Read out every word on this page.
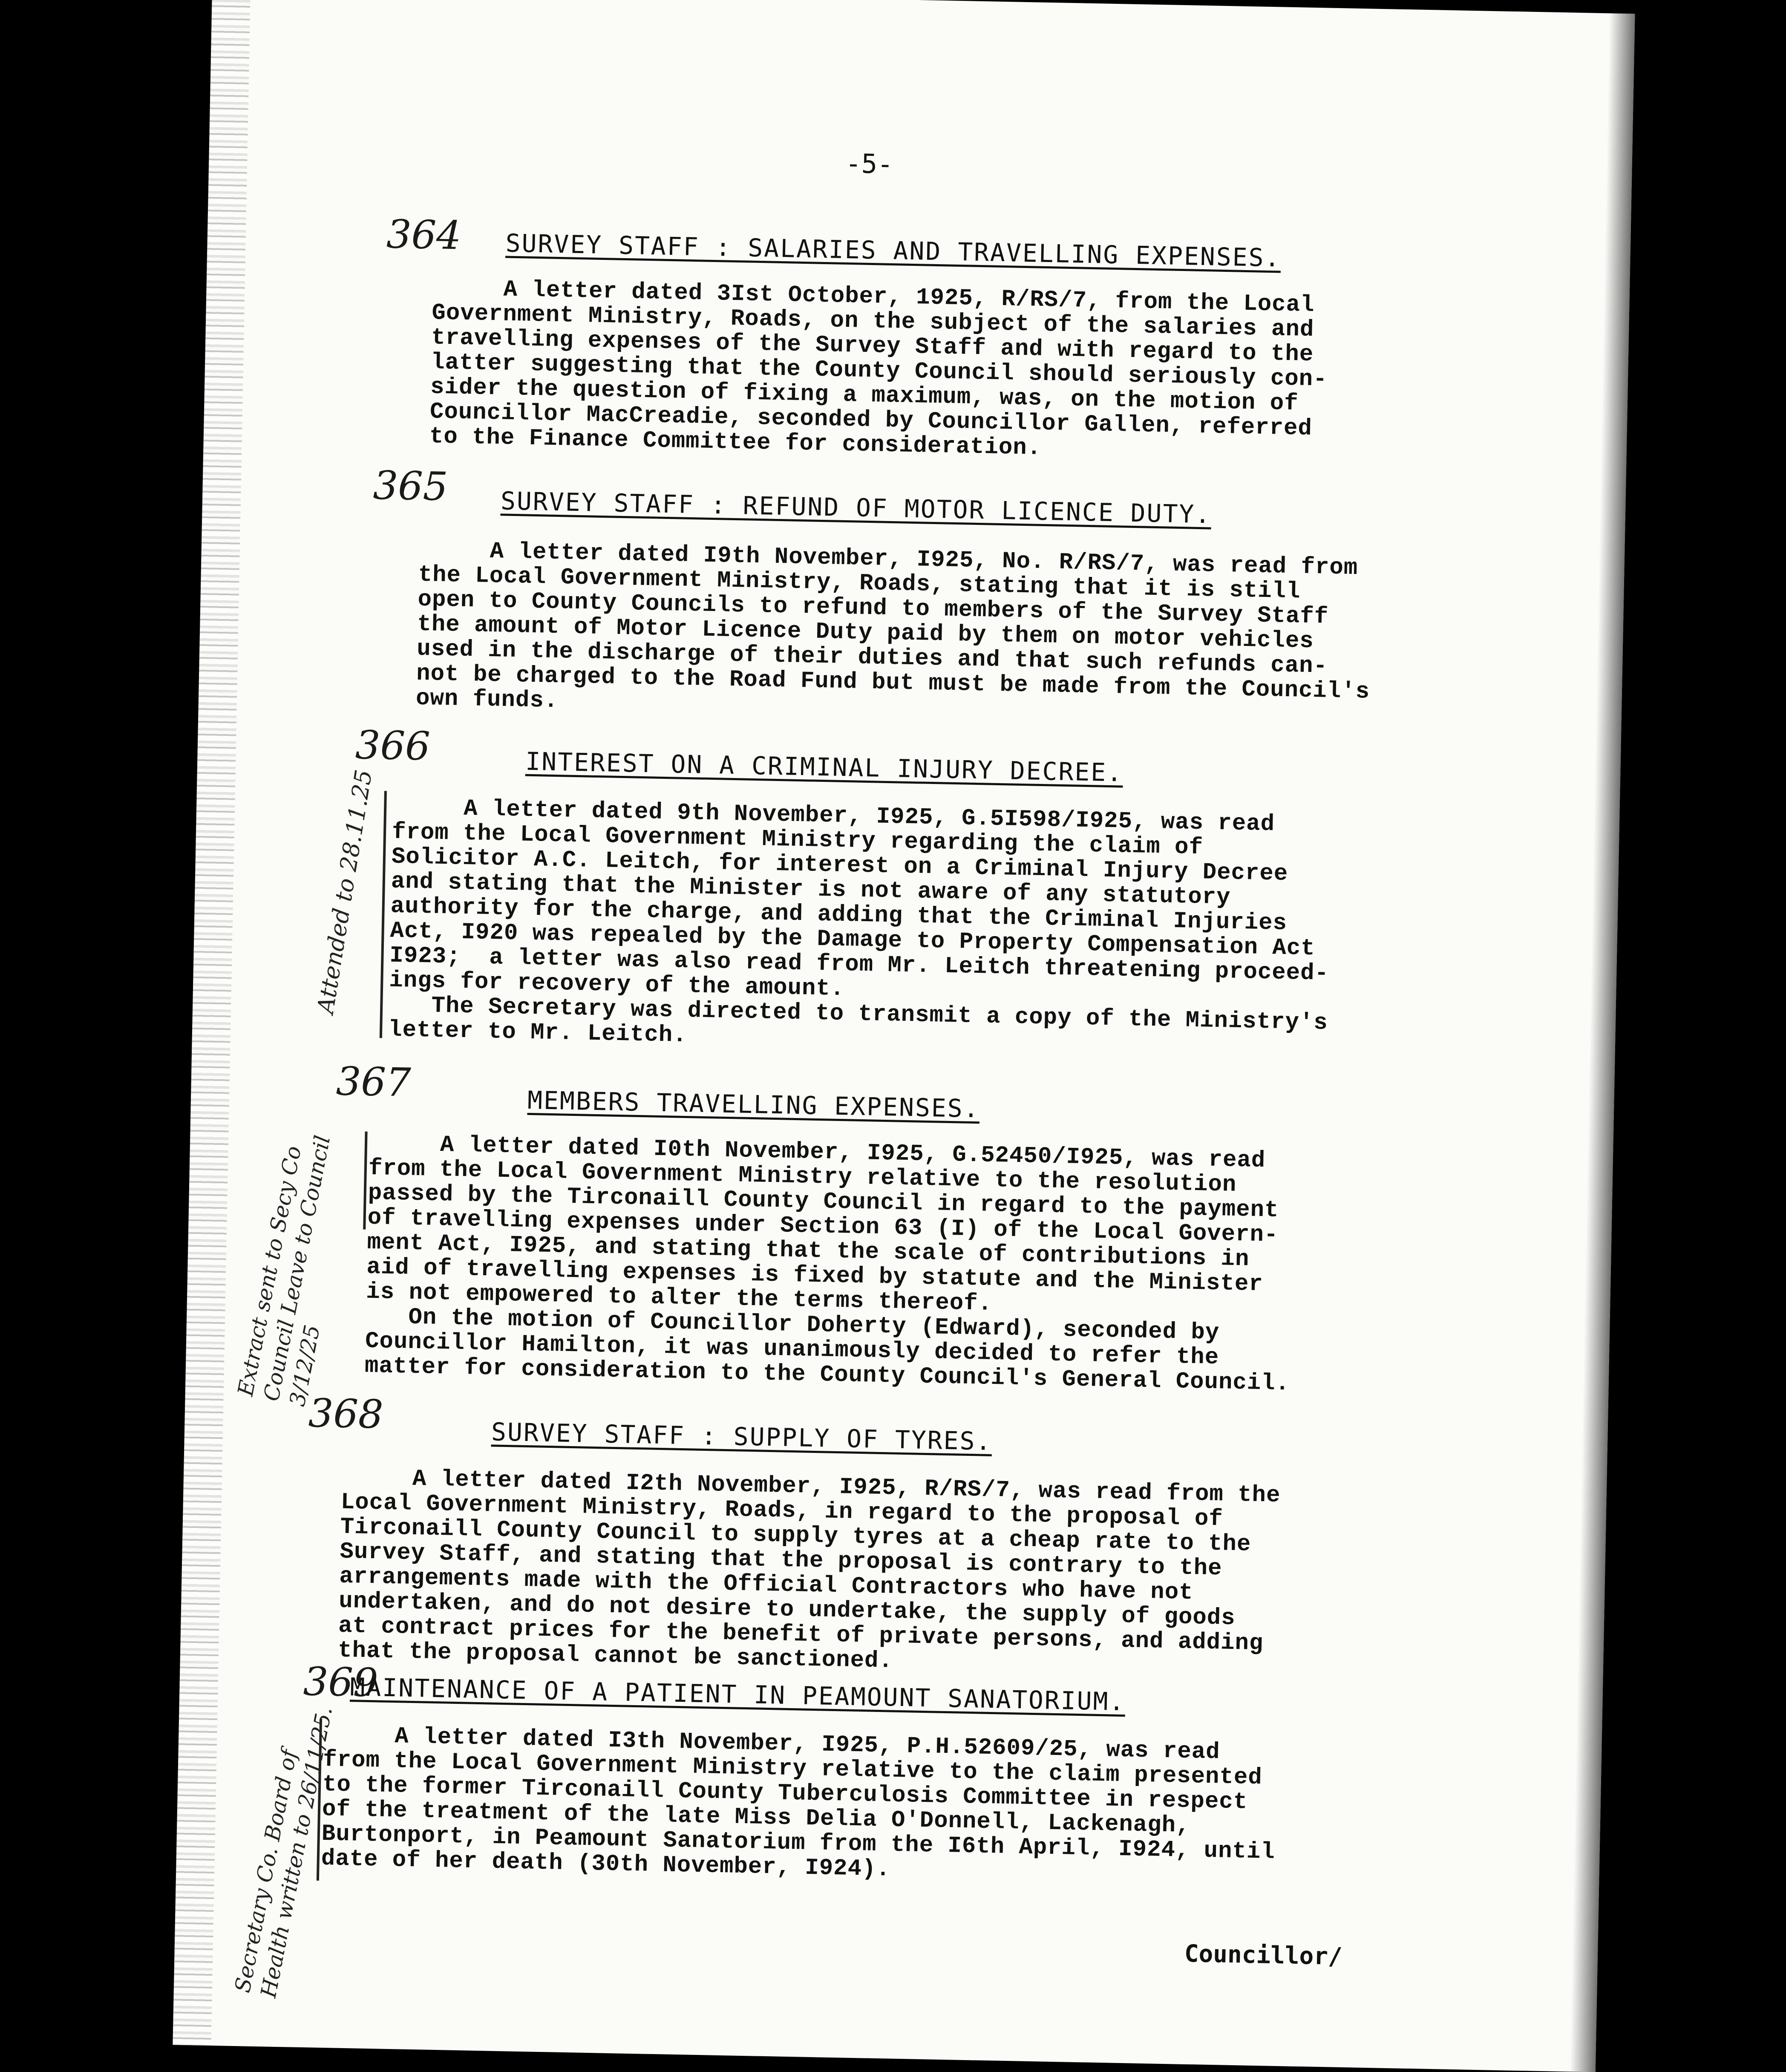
-5-
364 SURVEY STAFF : SALARIES AND TRAVELLING EXPENSES.
A letter dated 3Ist October, 1925, R/RS/7, from the Local
Government Ministry, Roads, on the subject of the salaries and
travelling expenses of the Survey Staff and with regard to the
latter suggesting that the County Council should seriously con-
sider the question of fixing a maximum, was, on the motion of
Councillor MacCreadie, seconded by Councillor Gallen, referred
to the Finance Committee for consideration.
365 SURVEY STAFF : REFUND OF MOTOR LICENCE DUTY.
A letter dated I9th November, I925, No. R/RS/7, was read from
the Local Government Ministry, Roads, stating that it is still
open to County Councils to refund to members of the Survey Staff
the amount of Motor Licence Duty paid by them on motor vehicles
used in the discharge of their duties and that such refunds can-
not be charged to the Road Fund but must be made from the Council's
own funds.
366	INTEREST ON A CRIMINAL INJURY DECREE.
A letter dated 9th November, I925, G.5I598/I925, was read
from the Local Government Ministry regarding the claim of
Solicitor A.C. Leitch, for interest on a Criminal Injury Decree
and stating that the Minister is not aware of any statutory
authority for the charge, and adding that the Criminal Injuries
Act, I920 was repealed by the Damage to Property Compensation Act
I923;  a letter was also read from Mr. Leitch threatening proceed-
ings for recovery of the amount.
The Secretary was directed to transmit a copy of the Ministry's
letter to Mr. Leitch.
Attended to 28.11.25
367	MEMBERS TRAVELLING EXPENSES.
A letter dated I0th November, I925, G.52450/I925, was read
from the Local Government Ministry relative to the resolution
passed by the Tirconaill County Council in regard to the payment
of travelling expenses under Section 63 (I) of the Local Govern-
ment Act, I925, and stating that the scale of contributions in
aid of travelling expenses is fixed by statute and the Minister
is not empowered to alter the terms thereof.
On the motion of Councillor Doherty (Edward), seconded by
Councillor Hamilton, it was unanimously decided to refer the
matter for consideration to the County Council's General Council.
Extract sent to Secy Co Council Leave to Council 3/12/25
368	SURVEY STAFF : SUPPLY OF TYRES.
A letter dated I2th November, I925, R/RS/7, was read from the
Local Government Ministry, Roads, in regard to the proposal of
Tirconaill County Council to supply tyres at a cheap rate to the
Survey Staff, and stating that the proposal is contrary to the
arrangements made with the Official Contractors who have not
undertaken, and do not desire to undertake, the supply of goods
at contract prices for the benefit of private persons, and adding
that the proposal cannot be sanctioned.
369
MAINTENANCE OF A PATIENT IN PEAMOUNT SANATORIUM.
A letter dated I3th November, I925, P.H.52609/25, was read
from the Local Government Ministry relative to the claim presented
to the former Tirconaill County Tuberculosis Committee in respect
of the treatment of the late Miss Delia O'Donnell, Lackenagh,
Burtonport, in Peamount Sanatorium from the I6th April, I924, until
date of her death (30th November, I924).
Secretary Co. Board of Health written to 26/11/25.	Councillor/
